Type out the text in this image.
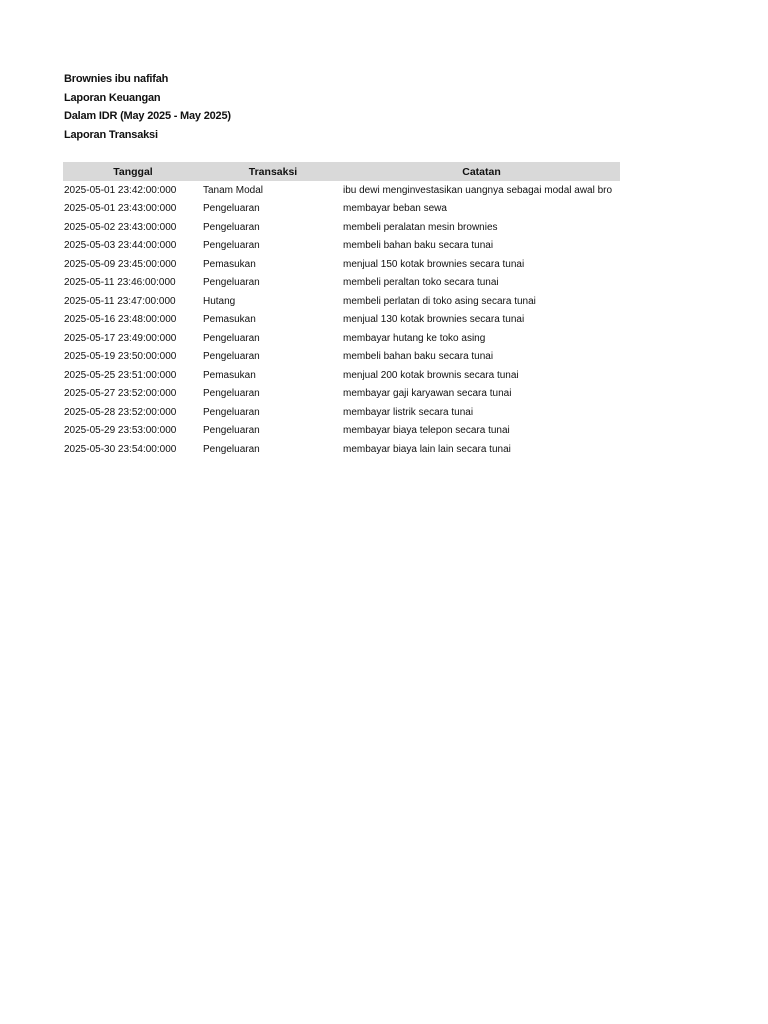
Brownies ibu nafifah
Laporan Keuangan
Dalam IDR (May 2025 - May 2025)
Laporan Transaksi
Tanggal	Transaksi	Catatan
2025-05-01 23:42:00:000	Tanam Modal	ibu dewi menginvestasikan uangnya sebagai modal awal bro
2025-05-01 23:43:00:000	Pengeluaran	membayar beban sewa
2025-05-02 23:43:00:000	Pengeluaran	membeli peralatan mesin brownies
2025-05-03 23:44:00:000	Pengeluaran	membeli bahan baku secara tunai
2025-05-09 23:45:00:000	Pemasukan	menjual 150 kotak brownies secara tunai
2025-05-11 23:46:00:000	Pengeluaran	membeli peraltan toko secara tunai
2025-05-11 23:47:00:000	Hutang	membeli perlatan di toko asing secara tunai
2025-05-16 23:48:00:000	Pemasukan	menjual 130 kotak brownies secara tunai
2025-05-17 23:49:00:000	Pengeluaran	membayar hutang ke toko asing
2025-05-19 23:50:00:000	Pengeluaran	membeli bahan baku secara tunai
2025-05-25 23:51:00:000	Pemasukan	menjual 200 kotak brownis secara tunai
2025-05-27 23:52:00:000	Pengeluaran	membayar gaji karyawan secara tunai
2025-05-28 23:52:00:000	Pengeluaran	membayar listrik secara tunai
2025-05-29 23:53:00:000	Pengeluaran	membayar biaya telepon secara tunai
2025-05-30 23:54:00:000	Pengeluaran	membayar biaya lain lain secara tunai
